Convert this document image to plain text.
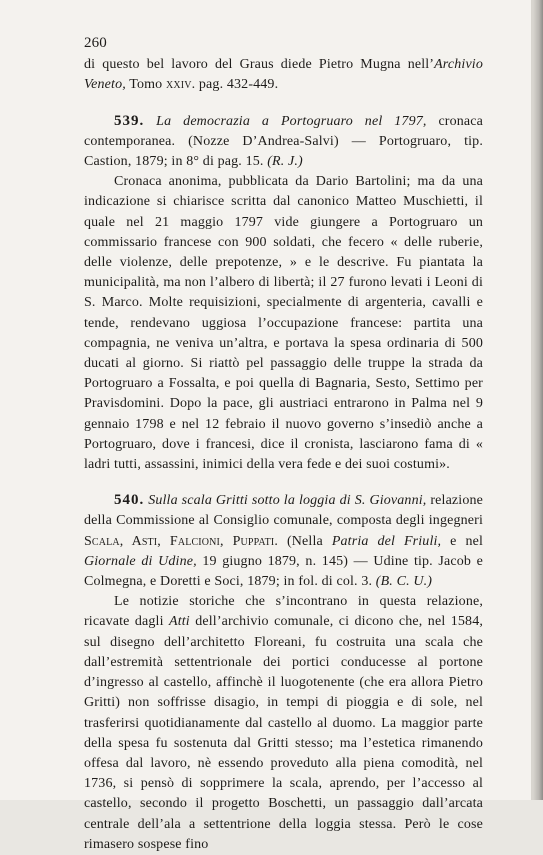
260

di questo bel lavoro del Graus diede Pietro Mugna nell’Archivio Veneto, Tomo xxiv. pag. 432-449.

539. La democrazia a Portogruaro nel 1797, cronaca contemporanea. (Nozze D’Andrea-Salvi) — Portogruaro, tip. Castion, 1879; in 8° di pag. 15. (R. J.)

Cronaca anonima, pubblicata da Dario Bartolini; ma da una indicazione si chiarisce scritta dal canonico Matteo Muschietti, il quale nel 21 maggio 1797 vide giungere a Portogruaro un commissario francese con 900 soldati, che fecero « delle ruberie, delle violenze, delle prepotenze, » e le descrive. Fu piantata la municipalità, ma non l’albero di libertà; il 27 furono levati i Leoni di S. Marco. Molte requisizioni, specialmente di argenteria, cavalli e tende, rendevano uggiosa l’occupazione francese: partita una compagnia, ne veniva un’altra, e portava la spesa ordinaria di 500 ducati al giorno. Si riattò pel passaggio delle truppe la strada da Portogruaro a Fossalta, e poi quella di Bagnaria, Sesto, Settimo per Pravisdomini. Dopo la pace, gli austriaci entrarono in Palma nel 9 gennaio 1798 e nel 12 febraio il nuovo governo s’insediò anche a Portogruaro, dove i francesi, dice il cronista, lasciarono fama di « ladri tutti, assassini, inimici della vera fede e dei suoi costumi».

540. Sulla scala Gritti sotto la loggia di S. Giovanni, relazione della Commissione al Consiglio comunale, composta degli ingegneri Scala, Asti, Falcioni, Puppati. (Nella Patria del Friuli, e nel Giornale di Udine, 19 giugno 1879, n. 145) — Udine tip. Jacob e Colmegna, e Doretti e Soci, 1879; in fol. di col. 3. (B. C. U.)

Le notizie storiche che s’incontrano in questa relazione, ricavate dagli Atti dell’archivio comunale, ci dicono che, nel 1584, sul disegno dell’architetto Floreani, fu costruita una scala che dall’estremità settentrionale dei portici conducesse al portone d’ingresso al castello, affinchè il luogotenente (che era allora Pietro Gritti) non soffrisse disagio, in tempi di pioggia e di sole, nel trasferirsi quotidianamente dal castello al duomo. La maggior parte della spesa fu sostenuta dal Gritti stesso; ma l’estetica rimanendo offesa dal lavoro, nè essendo proveduto alla piena comodità, nel 1736, si pensò di sopprimere la scala, aprendo, per l’accesso al castello, secondo il progetto Boschetti, un passaggio dall’arcata centrale dell’ala a settentrione della loggia stessa. Però le cose rimasero sospese fino
